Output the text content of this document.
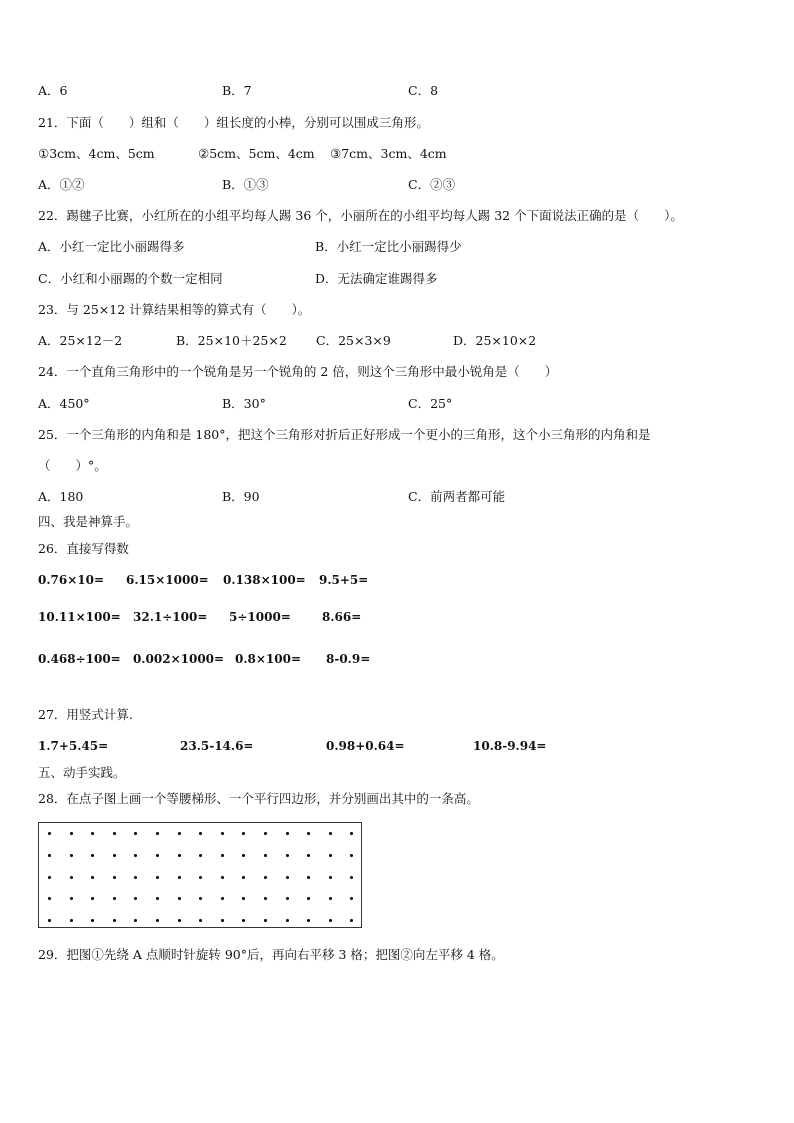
A．6	B．7	C．8
21．下面（　　）组和（　　）组长度的小棒，分别可以围成三角形。
①3cm、4cm、5cm	②5cm、5cm、4cm ③7cm、3cm、4cm
A．①②	B．①③	C．②③
22．踢毽子比赛，小红所在的小组平均每人踢 36 个，小丽所在的小组平均每人踢 32 个下面说法正确的是（　　）。
A．小红一定比小丽踢得多	B．小红一定比小丽踢得少
C．小红和小丽踢的个数一定相同	D．无法确定谁踢得多
23．与 25×12 计算结果相等的算式有（　　）。
A．25×12－2	B．25×10＋25×2 C．25×3×9	D．25×10×2
24．一个直角三角形中的一个锐角是另一个锐角的 2 倍，则这个三角形中最小锐角是（　　）
A．450°	B．30°	C．25°
25．一个三角形的内角和是 180°，把这个三角形对折后正好形成一个更小的三角形，这个小三角形的内角和是
（　　）°。
A．180	B．90	C．前两者都可能
四、我是神算手。
26．直接写得数
0.76×10= 6.15×1000= 0.138×100= 9.5+5=
10.11×100= 32.1÷100= 5÷1000=	8.66=
0.468÷100= 0.002×1000= 0.8×100= 8-0.9=
27．用竖式计算.
1.7+5.45=	23.5-14.6=	0.98+0.64=	10.8-9.94=
五、动手实践。
28．在点子图上画一个等腰梯形、一个平行四边形，并分别画出其中的一条高。
29．把图①先绕 A 点顺时针旋转 90°后，再向右平移 3 格；把图②向左平移 4 格。
